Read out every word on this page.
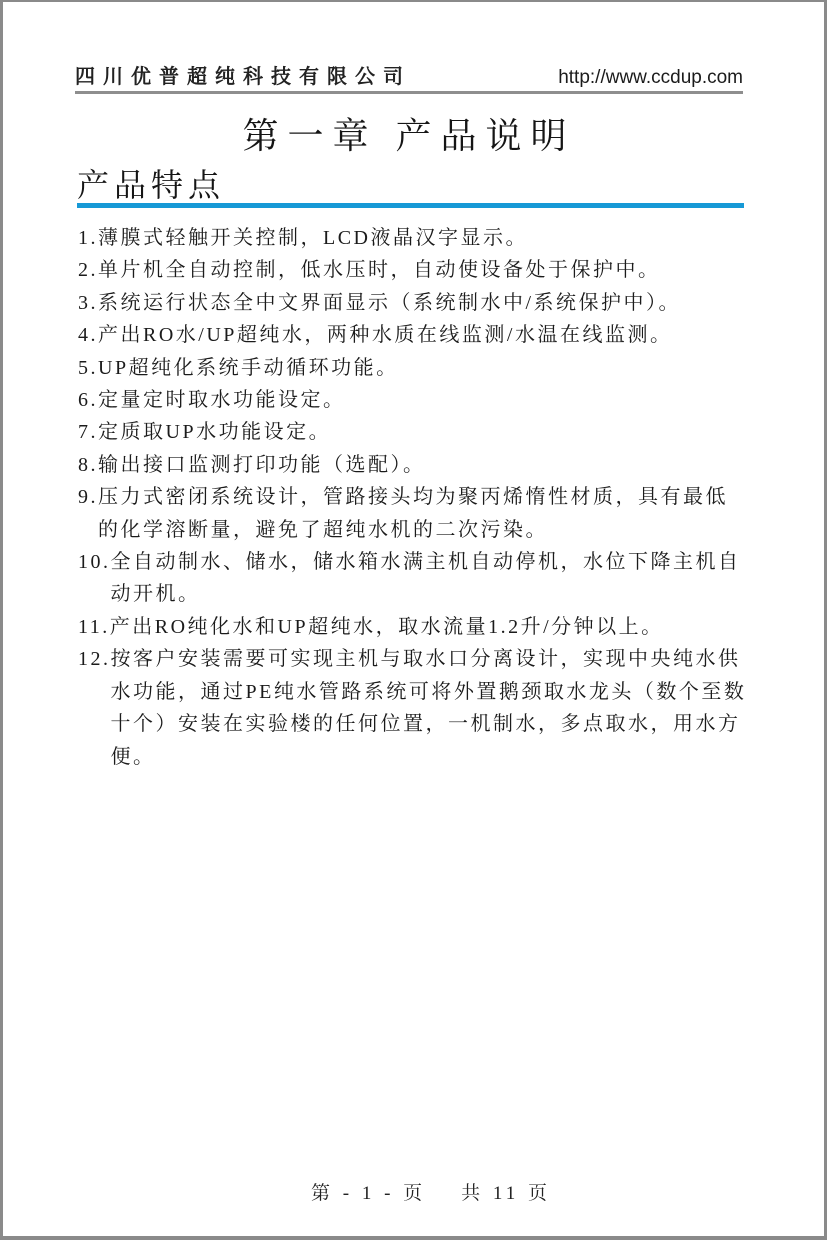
四川优普超纯科技有限公司	http://www.ccdup.com
第一章 产品说明
产品特点
1. 薄膜式轻触开关控制，LCD液晶汉字显示。
2. 单片机全自动控制，低水压时，自动使设备处于保护中。
3. 系统运行状态全中文界面显示（系统制水中/系统保护中）。
4. 产出RO水/UP超纯水，两种水质在线监测/水温在线监测。
5. UP超纯化系统手动循环功能。
6. 定量定时取水功能设定。
7. 定质取UP水功能设定。
8. 输出接口监测打印功能（选配）。
9. 压力式密闭系统设计，管路接头均为聚丙烯惰性材质，具有最低
的化学溶断量，避免了超纯水机的二次污染。
10. 全自动制水、储水，储水箱水满主机自动停机，水位下降主机自
动开机。
11. 产出RO纯化水和UP超纯水，取水流量1.2升/分钟以上。
12. 按客户安装需要可实现主机与取水口分离设计，实现中央纯水供
水功能，通过PE纯水管路系统可将外置鹅颈取水龙头（数个至数
十个）安装在实验楼的任何位置，一机制水，多点取水，用水方
便。

第 - 1 - 页    共 11 页
